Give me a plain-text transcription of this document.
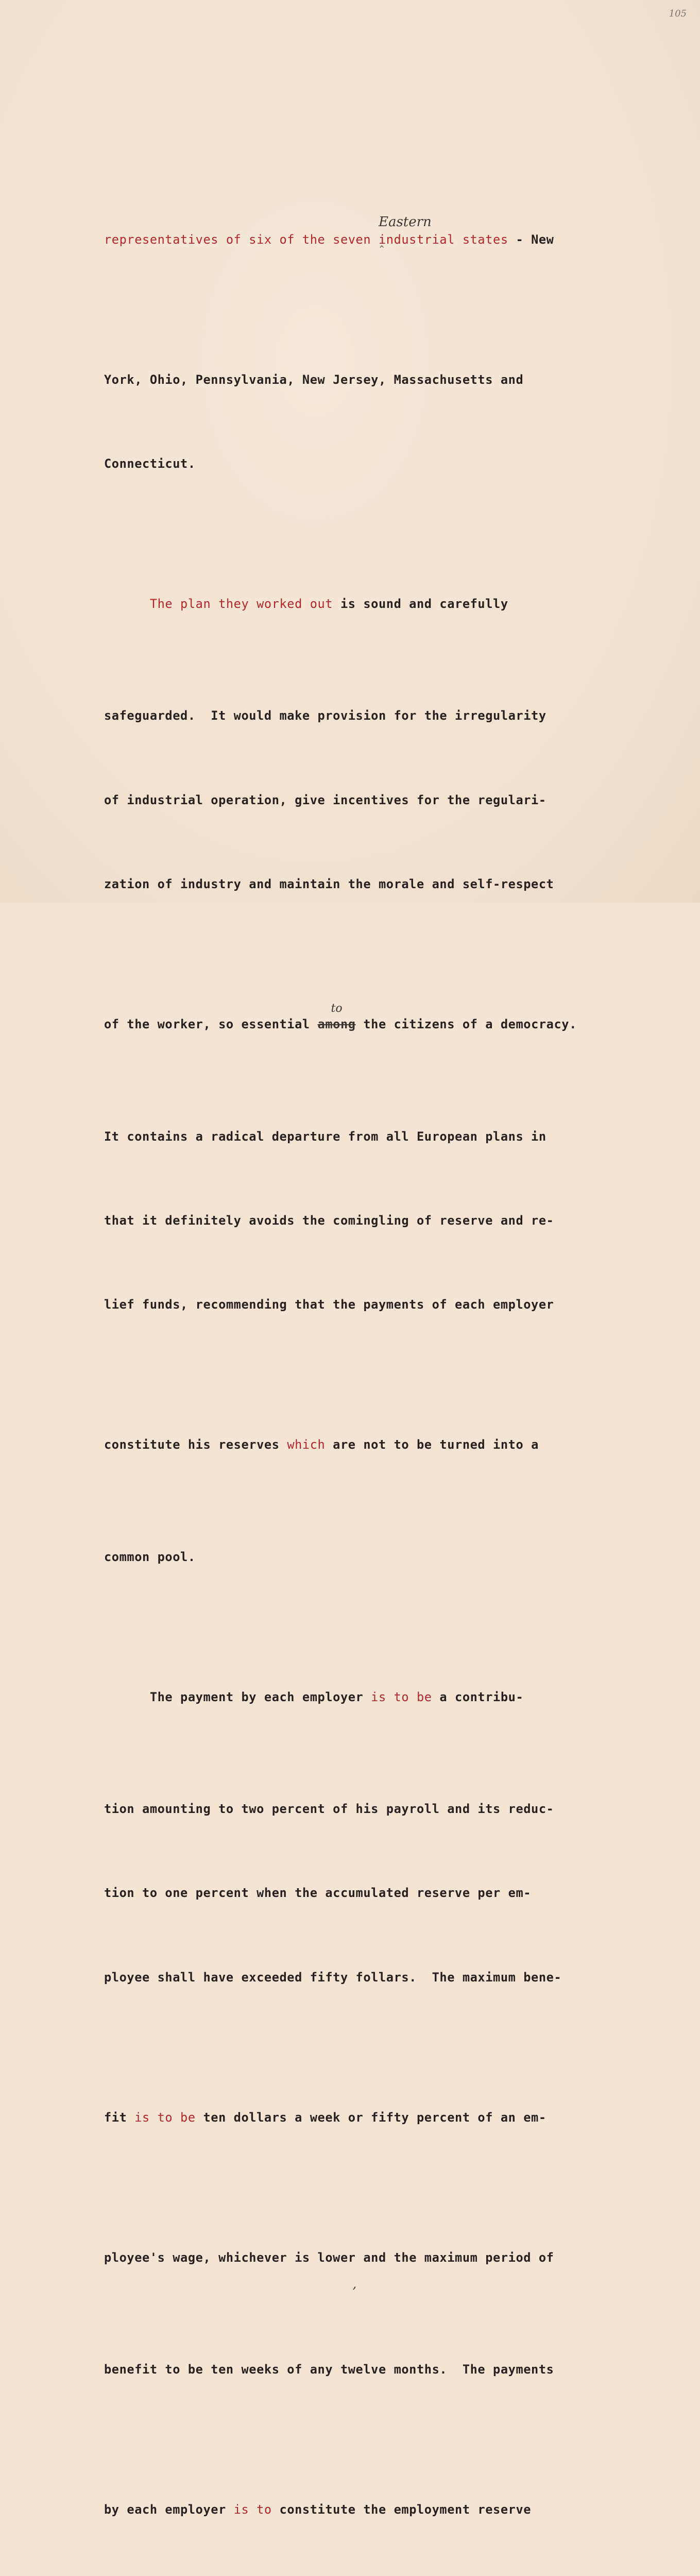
105

representatives of six of the seven
Eastern
^
industrial states - New

York, Ohio, Pennsylvania, New Jersey, Massachusetts and

Connecticut.

The plan they worked out is sound and carefully

safeguarded.  It would make provision for the irregularity

of industrial operation, give incentives for the regulari-

zation of industry and maintain the morale and self-respect

of the worker, so essential
to
among the citizens of a democracy.

It contains a radical departure from all European plans in

that it definitely avoids the comingling of reserve and re-

lief funds, recommending that the payments of each employer

constitute his reserves which are not to be turned into a

common pool.

The payment by each employer is to be a contribu-

tion amounting to two percent of his payroll and its reduc-

tion to one percent when the accumulated reserve per em-

ployee shall have exceeded fifty follars.  The maximum bene-

fit is to be ten dollars a week or fifty percent of an em-

ployee's wage, whichever is lower
,
and the maximum period of

benefit to be ten weeks of any twelve months.  The payments

by each employer is to constitute the employment reserve
